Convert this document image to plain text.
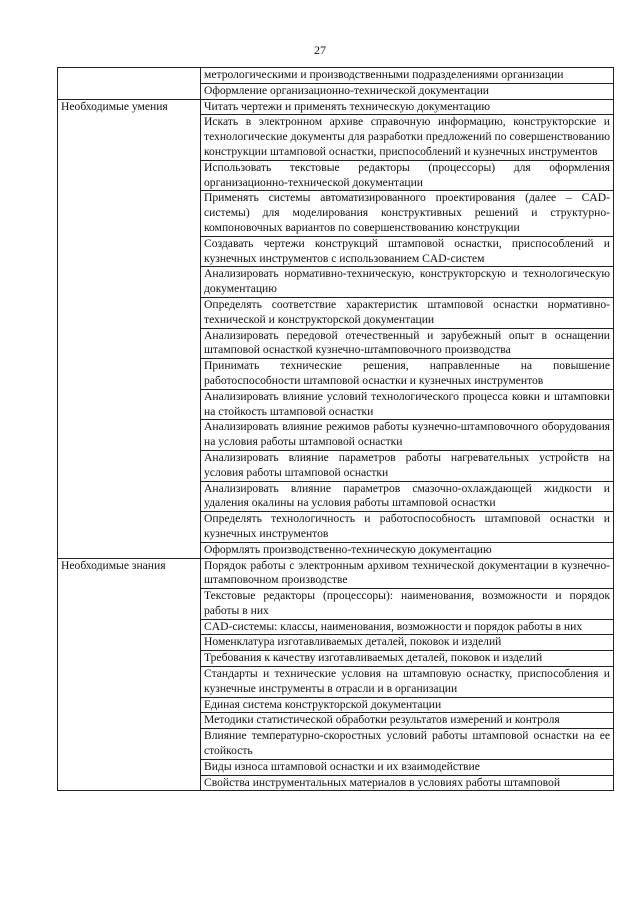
27
	метрологическими и производственными подразделениями организации
	Оформление организационно-технической документации
Необходимые умения	Читать чертежи и применять техническую документацию
	Искать в электронном архиве справочную информацию, конструкторские и технологические документы для разработки предложений по совершенствованию конструкции штамповой оснастки, приспособлений и кузнечных инструментов
	Использовать текстовые редакторы (процессоры) для оформления организационно-технической документации
	Применять системы автоматизированного проектирования (далее – CAD-системы) для моделирования конструктивных решений и структурно-компоновочных вариантов по совершенствованию конструкции
	Создавать чертежи конструкций штамповой оснастки, приспособлений и кузнечных инструментов с использованием CAD-систем
	Анализировать нормативно-техническую, конструкторскую и технологическую документацию
	Определять соответствие характеристик штамповой оснастки нормативно-технической и конструкторской документации
	Анализировать передовой отечественный и зарубежный опыт в оснащении штамповой оснасткой кузнечно-штамповочного производства
	Принимать технические решения, направленные на повышение работоспособности штамповой оснастки и кузнечных инструментов
	Анализировать влияние условий технологического процесса ковки и штамповки на стойкость штамповой оснастки
	Анализировать влияние режимов работы кузнечно-штамповочного оборудования на условия работы штамповой оснастки
	Анализировать влияние параметров работы нагревательных устройств на условия работы штамповой оснастки
	Анализировать влияние параметров смазочно-охлаждающей жидкости и удаления окалины на условия работы штамповой оснастки
	Определять технологичность и работоспособность штамповой оснастки и кузнечных инструментов
	Оформлять производственно-техническую документацию
Необходимые знания	Порядок работы с электронным архивом технической документации в кузнечно-штамповочном производстве
	Текстовые редакторы (процессоры): наименования, возможности и порядок работы в них
	CAD-системы: классы, наименования, возможности и порядок работы в них
	Номенклатура изготавливаемых деталей, поковок и изделий
	Требования к качеству изготавливаемых деталей, поковок и изделий
	Стандарты и технические условия на штамповую оснастку, приспособления и кузнечные инструменты в отрасли и в организации
	Единая система конструкторской документации
	Методики статистической обработки результатов измерений и контроля
	Влияние температурно-скоростных условий работы штамповой оснастки на ее стойкость
	Виды износа штамповой оснастки и их взаимодействие
	Свойства инструментальных материалов в условиях работы штамповой
